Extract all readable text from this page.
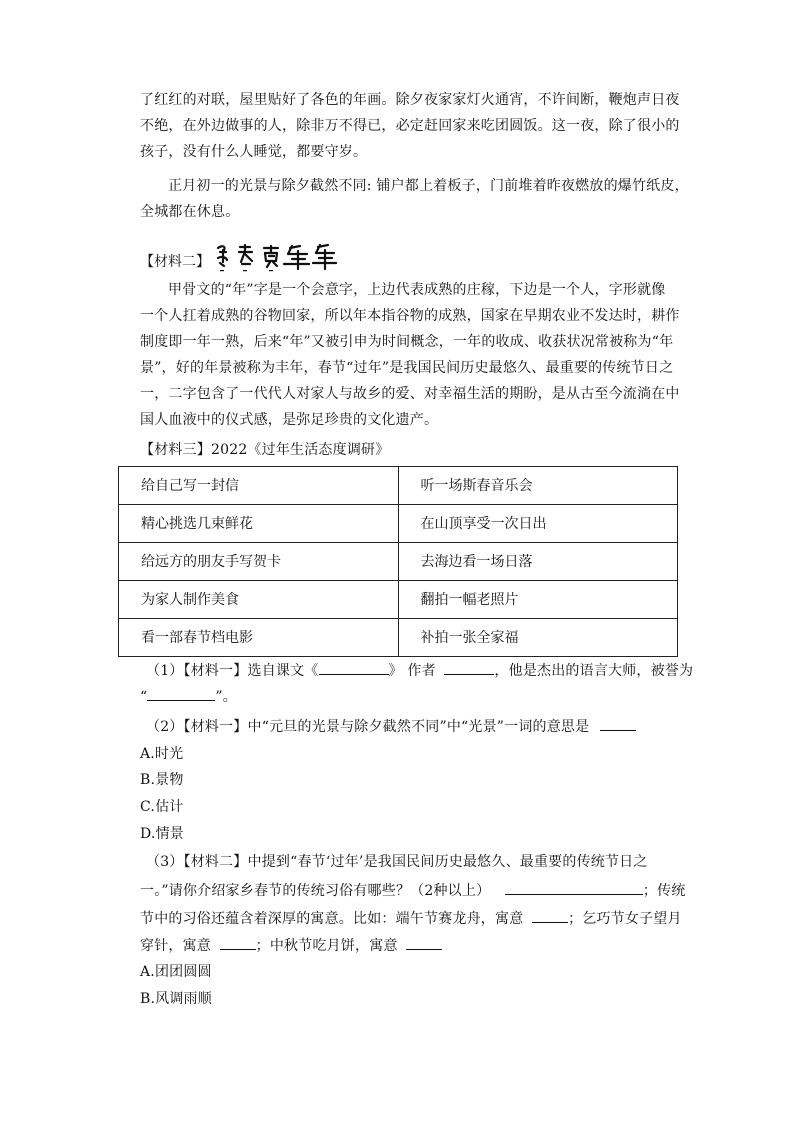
了红红的对联，屋里贴好了各色的年画。除夕夜家家灯火通宵，不许间断，鞭炮声日夜
不绝，在外边做事的人，除非万不得已，必定赶回家来吃团圆饭。这一夜，除了很小的
孩子，没有什么人睡觉，都要守岁。
正月初一的光景与除夕截然不同: 铺户都上着板子，门前堆着昨夜燃放的爆竹纸皮，
全城都在休息。
【材料二】
甲骨文的“年”字是一个会意字，上边代表成熟的庄稼，下边是一个人，字形就像
一个人扛着成熟的谷物回家，所以年本指谷物的成熟，国家在早期农业不发达时，耕作
制度即一年一熟，后来“年”又被引申为时间概念，一年的收成、收获状况常被称为“年
景”，好的年景被称为丰年，春节“过年”是我国民间历史最悠久、最重要的传统节日之
一，二字包含了一代代人对家人与故乡的爱、对幸福生活的期盼，是从古至今流淌在中
国人血液中的仪式感，是弥足珍贵的文化遗产。
【材料三】2022《过年生活态度调研》
给自己写一封信	听一场斯春音乐会
精心挑选几束鲜花	在山顶享受一次日出
给远方的朋友手写贺卡	去海边看一场日落
为家人制作美食	翻拍一幅老照片
看一部春节档电影	补拍一张全家福
（1）【材料一】选自课文《	》 作者	，他是杰出的语言大师，被誉为
“	”。
（2）【材料一】中“元旦的光景与除夕截然不同”中“光景”一词的意思是
A.时光
B.景物
C.估计
D.情景
（3）【材料二】中提到“春节‘过年’是我国民间历史最悠久、最重要的传统节日之
一。”请你介绍家乡春节的传统习俗有哪些？（2种以上）	；传统
节中的习俗还蕴含着深厚的寓意。比如：端午节赛龙舟，寓意	；乞巧节女子望月
穿针，寓意	；中秋节吃月饼，寓意
A.团团圆圆
B.风调雨顺
